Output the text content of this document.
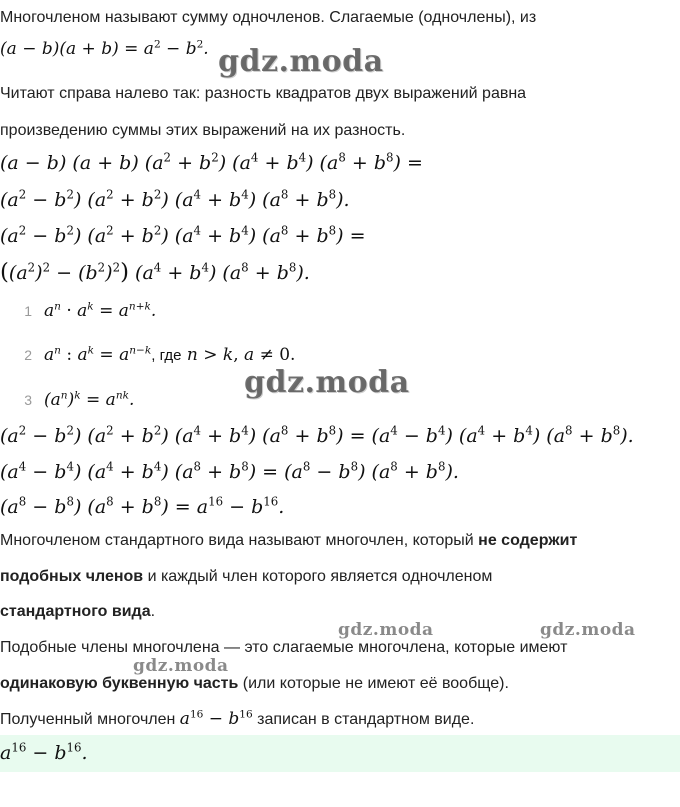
Многочленом называют сумму одночленов. Слагаемые (одночлены), из
$(a - b)(a + b) = a^2 - b^2$.
Читают справа налево так: разность квадратов двух выражений равна
произведению суммы этих выражений на их разность.
(a − b) (a + b) $(a^2 + b^2) (a^4 + b^4) (a^8 + b^8)$ =
$(a^2 - b^2) (a^2 + b^2) (a^4 + b^4) (a^8 + b^8)$.
$(a^2 - b^2) (a^2 + b^2) (a^4 + b^4) (a^8 + b^8)$ =
$((a^2)^2 - (b^2)^2) (a^4 + b^4) (a^8 + b^8)$.
1 $a^n \cdot a^k = a^{n+k}$.
2 $a^n$ : $a^k = a^{n-k}$, где n > k, a ≠ 0.
3 $(a^n)^k = a^{nk}$.
$(a^2 - b^2) (a^2 + b^2) (a^4 + b^4) (a^8 + b^8) = (a^4 - b^4) (a^4 + b^4) (a^8 + b^8)$.
$(a^4 - b^4) (a^4 + b^4) (a^8 + b^8) = (a^8 - b^8) (a^8 + b^8)$.
$(a^8 - b^8) (a^8 + b^8) = a^{16} - b^{16}$.
Многочленом стандартного вида называют многочлен, который не содержит
подобных членов и каждый член которого является одночленом
стандартного вида.
Подобные члены многочлена — это слагаемые многочлена, которые имеют
одинаковую буквенную часть (или которые не имеют её вообще).
Полученный многочлен $a^{16} - b^{16}$ записан в стандартном виде.
$a^{16} - b^{16}$.
gdz.moda
gdz.moda
gdz.moda	gdz.moda
gdz.moda
